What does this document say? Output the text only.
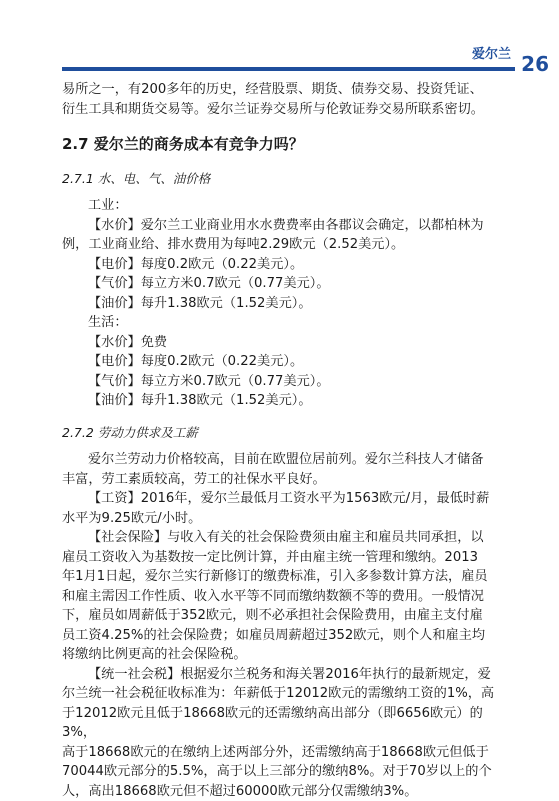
爱尔兰 26

易所之一，有200多年的历史，经营股票、期货、债券交易、投资凭证、

衍生工具和期货交易等。爱尔兰证券交易所与伦敦证券交易所联系密切。

2.7 爱尔兰的商务成本有竞争力吗？

2.7.1 水、电、气、油价格

工业：

【水价】爱尔兰工业商业用水水费费率由各郡议会确定，以都柏林为

例，工业商业给、排水费用为每吨2.29欧元（2.52美元）。

【电价】每度0.2欧元（0.22美元）。

【气价】每立方米0.7欧元（0.77美元）。

【油价】每升1.38欧元（1.52美元）。

生活：

【水价】免费

【电价】每度0.2欧元（0.22美元）。

【气价】每立方米0.7欧元（0.77美元）。

【油价】每升1.38欧元（1.52美元）。

2.7.2 劳动力供求及工薪

爱尔兰劳动力价格较高，目前在欧盟位居前列。爱尔兰科技人才储备

丰富，劳工素质较高，劳工的社保水平良好。

【工资】2016年，爱尔兰最低月工资水平为1563欧元/月，最低时薪

水平为9.25欧元/小时。

【社会保险】与收入有关的社会保险费须由雇主和雇员共同承担，以

雇员工资收入为基数按一定比例计算，并由雇主统一管理和缴纳。2013

年1月1日起，爱尔兰实行新修订的缴费标准，引入多参数计算方法，雇员

和雇主需因工作性质、收入水平等不同而缴纳数额不等的费用。一般情况

下，雇员如周薪低于352欧元，则不必承担社会保险费用，由雇主支付雇

员工资4.25%的社会保险费；如雇员周薪超过352欧元，则个人和雇主均

将缴纳比例更高的社会保险税。

【统一社会税】根据爱尔兰税务和海关署2016年执行的最新规定，爱

尔兰统一社会税征收标准为：年薪低于12012欧元的需缴纳工资的1%，高

于12012欧元且低于18668欧元的还需缴纳高出部分（即6656欧元）的3%，

高于18668欧元的在缴纳上述两部分外，还需缴纳高于18668欧元但低于

70044欧元部分的5.5%，高于以上三部分的缴纳8%。对于70岁以上的个

人，高出18668欧元但不超过60000欧元部分仅需缴纳3%。
